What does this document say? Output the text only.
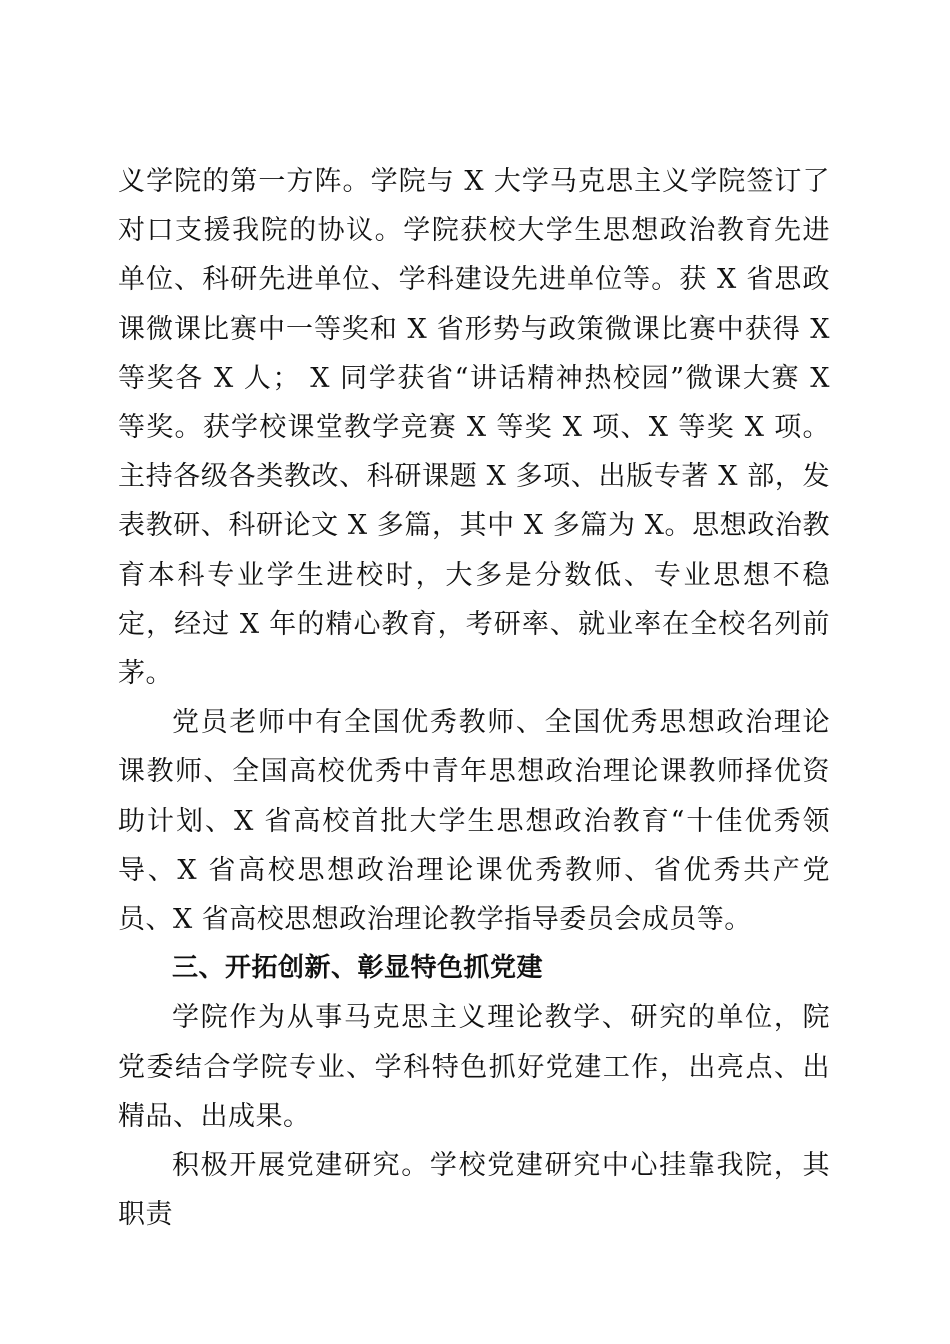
义学院的第一方阵。学院与 X 大学马克思主义学院签订了对口支援我院的协议。学院获校大学生思想政治教育先进单位、科研先进单位、学科建设先进单位等。获 X 省思政课微课比赛中一等奖和 X 省形势与政策微课比赛中获得 X 等奖各 X 人； X 同学获省“讲话精神热校园”微课大赛 X 等奖。获学校课堂教学竞赛 X 等奖 X 项、X 等奖 X 项。主持各级各类教改、科研课题 X 多项、出版专著 X 部，发表教研、科研论文 X 多篇，其中 X 多篇为 X。思想政治教育本科专业学生进校时，大多是分数低、专业思想不稳定，经过 X 年的精心教育，考研率、就业率在全校名列前茅。

党员老师中有全国优秀教师、全国优秀思想政治理论课教师、全国高校优秀中青年思想政治理论课教师择优资助计划、X 省高校首批大学生思想政治教育“十佳优秀领导、X 省高校思想政治理论课优秀教师、省优秀共产党员、X 省高校思想政治理论教学指导委员会成员等。

三、开拓创新、彰显特色抓党建

学院作为从事马克思主义理论教学、研究的单位，院党委结合学院专业、学科特色抓好党建工作，出亮点、出精品、出成果。

积极开展党建研究。学校党建研究中心挂靠我院，其职责
